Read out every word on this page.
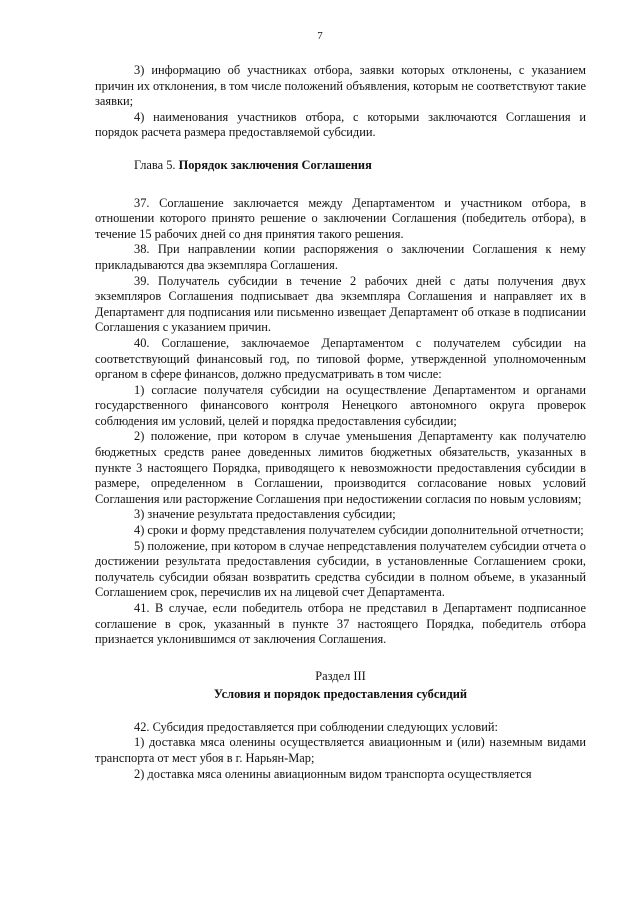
7

3) информацию об участниках отбора, заявки которых отклонены, с указанием причин их отклонения, в том числе положений объявления, которым не соответствуют такие заявки;

4) наименования участников отбора, с которыми заключаются Соглашения и порядок расчета размера предоставляемой субсидии.

Глава 5. Порядок заключения Соглашения

37. Соглашение заключается между Департаментом и участником отбора, в отношении которого принято решение о заключении Соглашения (победитель отбора), в течение 15 рабочих дней со дня принятия такого решения.

38. При направлении копии распоряжения о заключении Соглашения к нему прикладываются два экземпляра Соглашения.

39. Получатель субсидии в течение 2 рабочих дней с даты получения двух экземпляров Соглашения подписывает два экземпляра Соглашения и направляет их в Департамент для подписания или письменно извещает Департамент об отказе в подписании Соглашения с указанием причин.

40. Соглашение, заключаемое Департаментом с получателем субсидии на соответствующий финансовый год, по типовой форме, утвержденной уполномоченным органом в сфере финансов, должно предусматривать в том числе:

1) согласие получателя субсидии на осуществление Департаментом и органами государственного финансового контроля Ненецкого автономного округа проверок соблюдения им условий, целей и порядка предоставления субсидии;

2) положение, при котором в случае уменьшения Департаменту как получателю бюджетных средств ранее доведенных лимитов бюджетных обязательств, указанных в пункте 3 настоящего Порядка, приводящего к невозможности предоставления субсидии в размере, определенном в Соглашении, производится согласование новых условий Соглашения или расторжение Соглашения при недостижении согласия по новым условиям;

3) значение результата предоставления субсидии;

4) сроки и форму представления получателем субсидии дополнительной отчетности;

5) положение, при котором в случае непредставления получателем субсидии отчета о достижении результата предоставления субсидии, в установленные Соглашением сроки, получатель субсидии обязан возвратить средства субсидии в полном объеме, в указанный Соглашением срок, перечислив их на лицевой счет Департамента.

41. В случае, если победитель отбора не представил в Департамент подписанное соглашение в срок, указанный в пункте 37 настоящего Порядка, победитель отбора признается уклонившимся от заключения Соглашения.

Раздел III

Условия и порядок предоставления субсидий

42. Субсидия предоставляется при соблюдении следующих условий:

1) доставка мяса оленины осуществляется авиационным и (или) наземным видами транспорта от мест убоя в г. Нарьян-Мар;

2) доставка мяса оленины авиационным видом транспорта осуществляется
